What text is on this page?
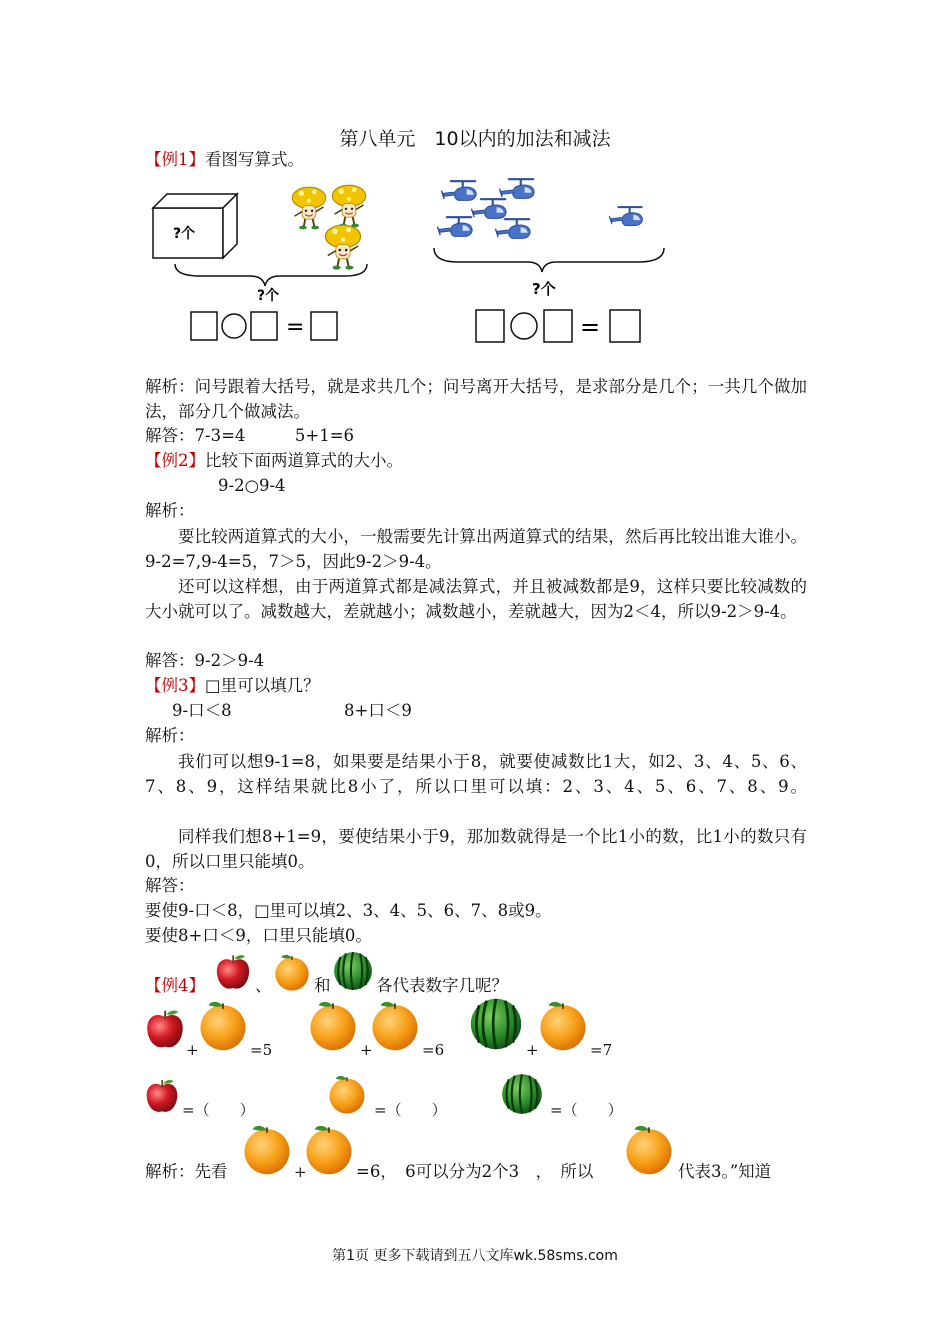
第八单元　10以内的加法和减法
【例1】看图写算式。
?个
?个
=
?个
=
解析：问号跟着大括号，就是求共几个；问号离开大括号，是求部分是几个；一共几个做加法，部分几个做减法。
解答：7-3=4　　　5+1=6
【例2】比较下面两道算式的大小。
9-2○9-4
解析：
要比较两道算式的大小，一般需要先计算出两道算式的结果，然后再比较出谁大谁小。9-2=7,9-4=5，7＞5，因此9-2＞9-4。
还可以这样想，由于两道算式都是减法算式，并且被减数都是9，这样只要比较减数的大小就可以了。减数越大，差就越小；减数越小，差就越大，因为2＜4，所以9-2＞9-4。
解答：9-2＞9-4
【例3】□里可以填几？
9-口＜8	8+口＜9
解析：
我们可以想9-1=8，如果要是结果小于8，就要使减数比1大，如2、3、4、5、6、7、8、9，这样结果就比8小了，所以口里可以填：2、3、4、5、6、7、8、9。
同样我们想8+1=9，要使结果小于9，那加数就得是一个比1小的数，比1小的数只有0，所以口里只能填0。
解答：
要使9-口＜8，□里可以填2、3、4、5、6、7、8或9。
要使8+口＜9，口里只能填0。
【例4】	、	和	各代表数字几呢？
+	=5	+	=6	+	=7
=（　　）	=（　　）	=（　　）
解析：先看	+	=6，　6可以分为2个3　，　所以	代表3。”知道
第1页 更多下载请到五八文库wk.58sms.com
